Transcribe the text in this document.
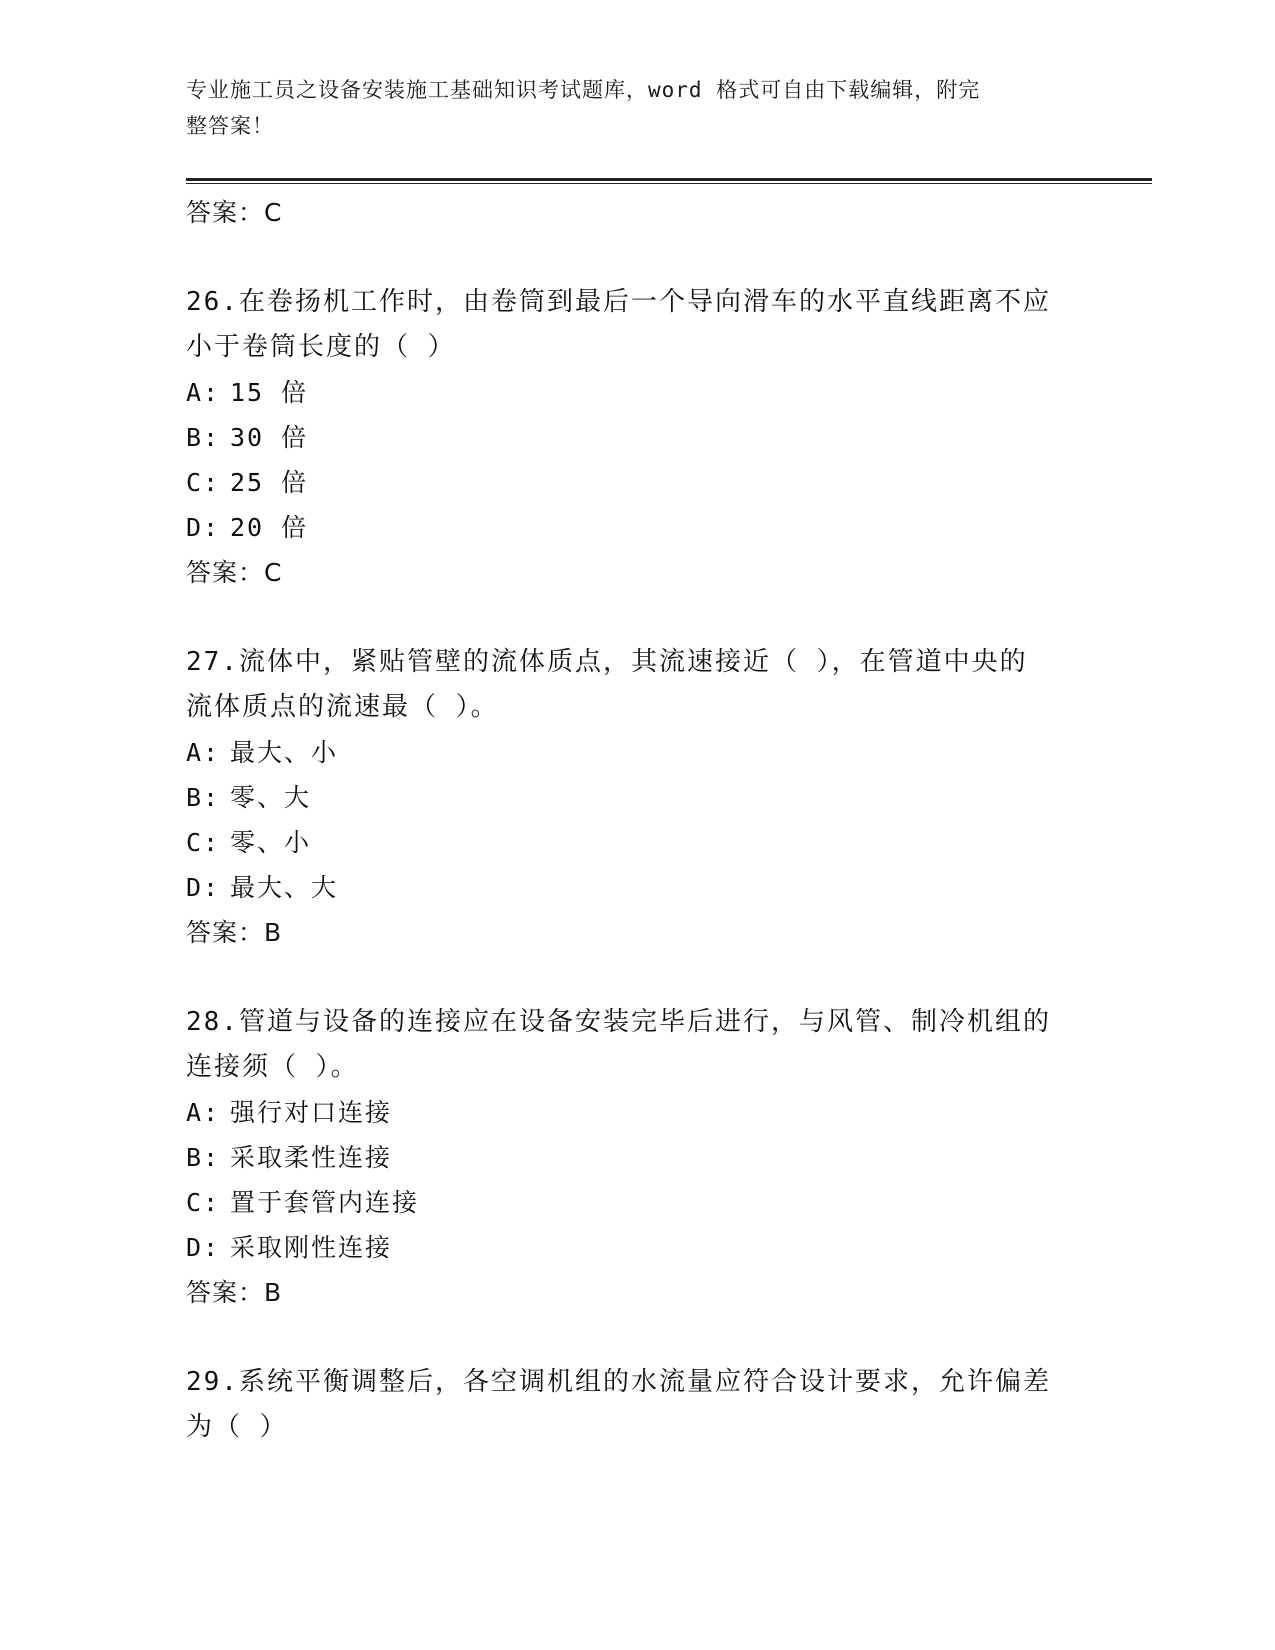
专业施工员之设备安装施工基础知识考试题库，word 格式可自由下载编辑，附完
整答案！
答案：C
26.在卷扬机工作时，由卷筒到最后一个导向滑车的水平直线距离不应
小于卷筒长度的（ ）
A: 15 倍
B: 30 倍
C: 25 倍
D: 20 倍
答案：C
27.流体中，紧贴管壁的流体质点，其流速接近（ ），在管道中央的
流体质点的流速最（ ）。
A: 最大、小
B: 零、大
C: 零、小
D: 最大、大
答案：B
28.管道与设备的连接应在设备安装完毕后进行，与风管、制冷机组的
连接须（ ）。
A: 强行对口连接
B: 采取柔性连接
C: 置于套管内连接
D: 采取刚性连接
答案：B
29.系统平衡调整后，各空调机组的水流量应符合设计要求，允许偏差
为（ ）
